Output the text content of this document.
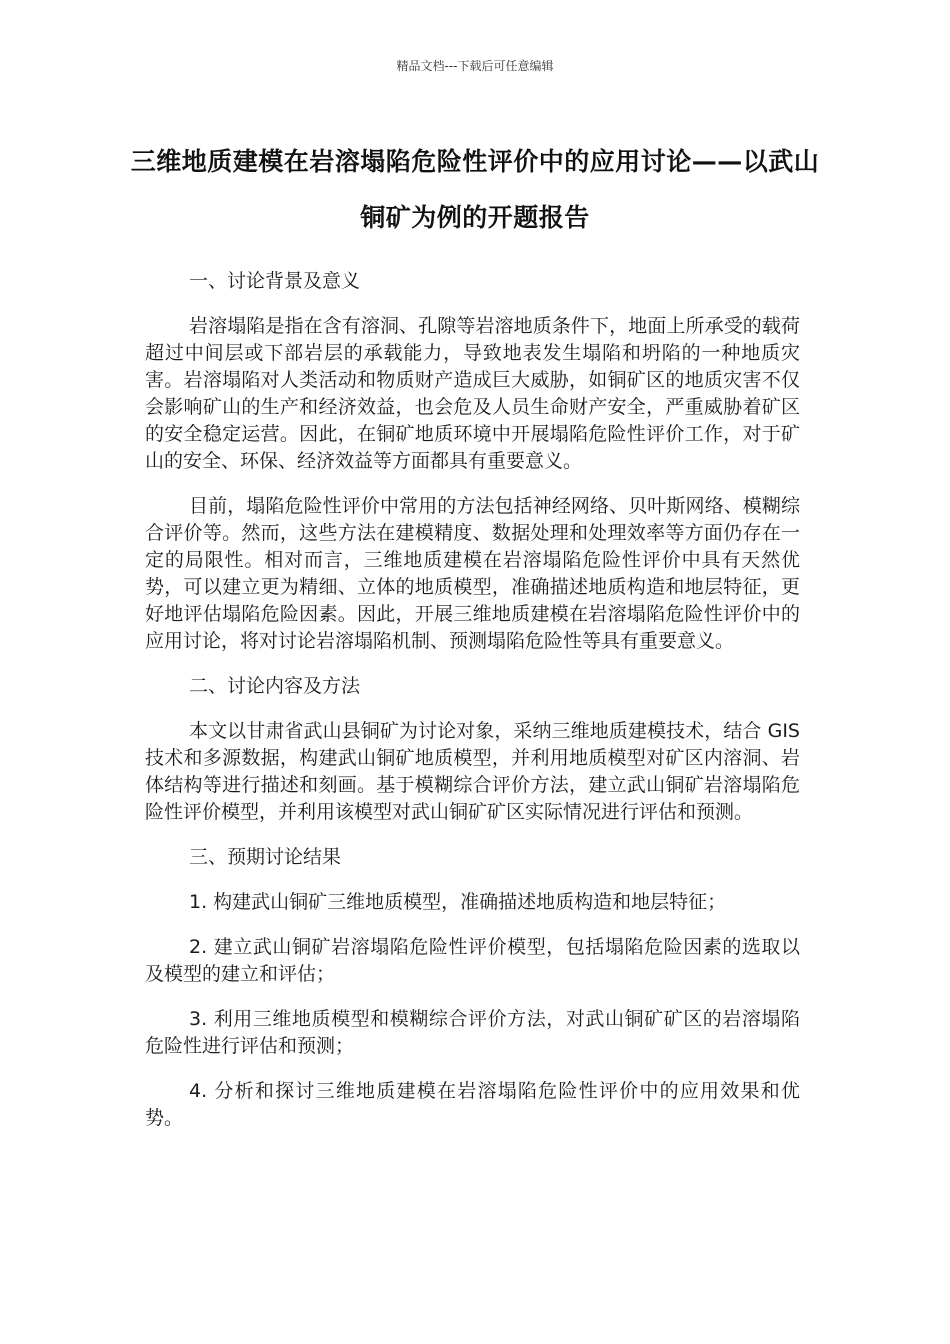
精品文档---下载后可任意编辑
三维地质建模在岩溶塌陷危险性评价中的应用讨论——以武山铜矿为例的开题报告

一、讨论背景及意义

岩溶塌陷是指在含有溶洞、孔隙等岩溶地质条件下，地面上所承受的载荷超过中间层或下部岩层的承载能力，导致地表发生塌陷和坍陷的一种地质灾害。岩溶塌陷对人类活动和物质财产造成巨大威胁，如铜矿区的地质灾害不仅会影响矿山的生产和经济效益，也会危及人员生命财产安全，严重威胁着矿区的安全稳定运营。因此，在铜矿地质环境中开展塌陷危险性评价工作，对于矿山的安全、环保、经济效益等方面都具有重要意义。

目前，塌陷危险性评价中常用的方法包括神经网络、贝叶斯网络、模糊综合评价等。然而，这些方法在建模精度、数据处理和处理效率等方面仍存在一定的局限性。相对而言，三维地质建模在岩溶塌陷危险性评价中具有天然优势，可以建立更为精细、立体的地质模型，准确描述地质构造和地层特征，更好地评估塌陷危险因素。因此，开展三维地质建模在岩溶塌陷危险性评价中的应用讨论，将对讨论岩溶塌陷机制、预测塌陷危险性等具有重要意义。

二、讨论内容及方法

本文以甘肃省武山县铜矿为讨论对象，采纳三维地质建模技术，结合 GIS 技术和多源数据，构建武山铜矿地质模型，并利用地质模型对矿区内溶洞、岩体结构等进行描述和刻画。基于模糊综合评价方法，建立武山铜矿岩溶塌陷危险性评价模型，并利用该模型对武山铜矿矿区实际情况进行评估和预测。

三、预期讨论结果

1. 构建武山铜矿三维地质模型，准确描述地质构造和地层特征；

2. 建立武山铜矿岩溶塌陷危险性评价模型，包括塌陷危险因素的选取以及模型的建立和评估；

3. 利用三维地质模型和模糊综合评价方法，对武山铜矿矿区的岩溶塌陷危险性进行评估和预测；

4. 分析和探讨三维地质建模在岩溶塌陷危险性评价中的应用效果和优势。
